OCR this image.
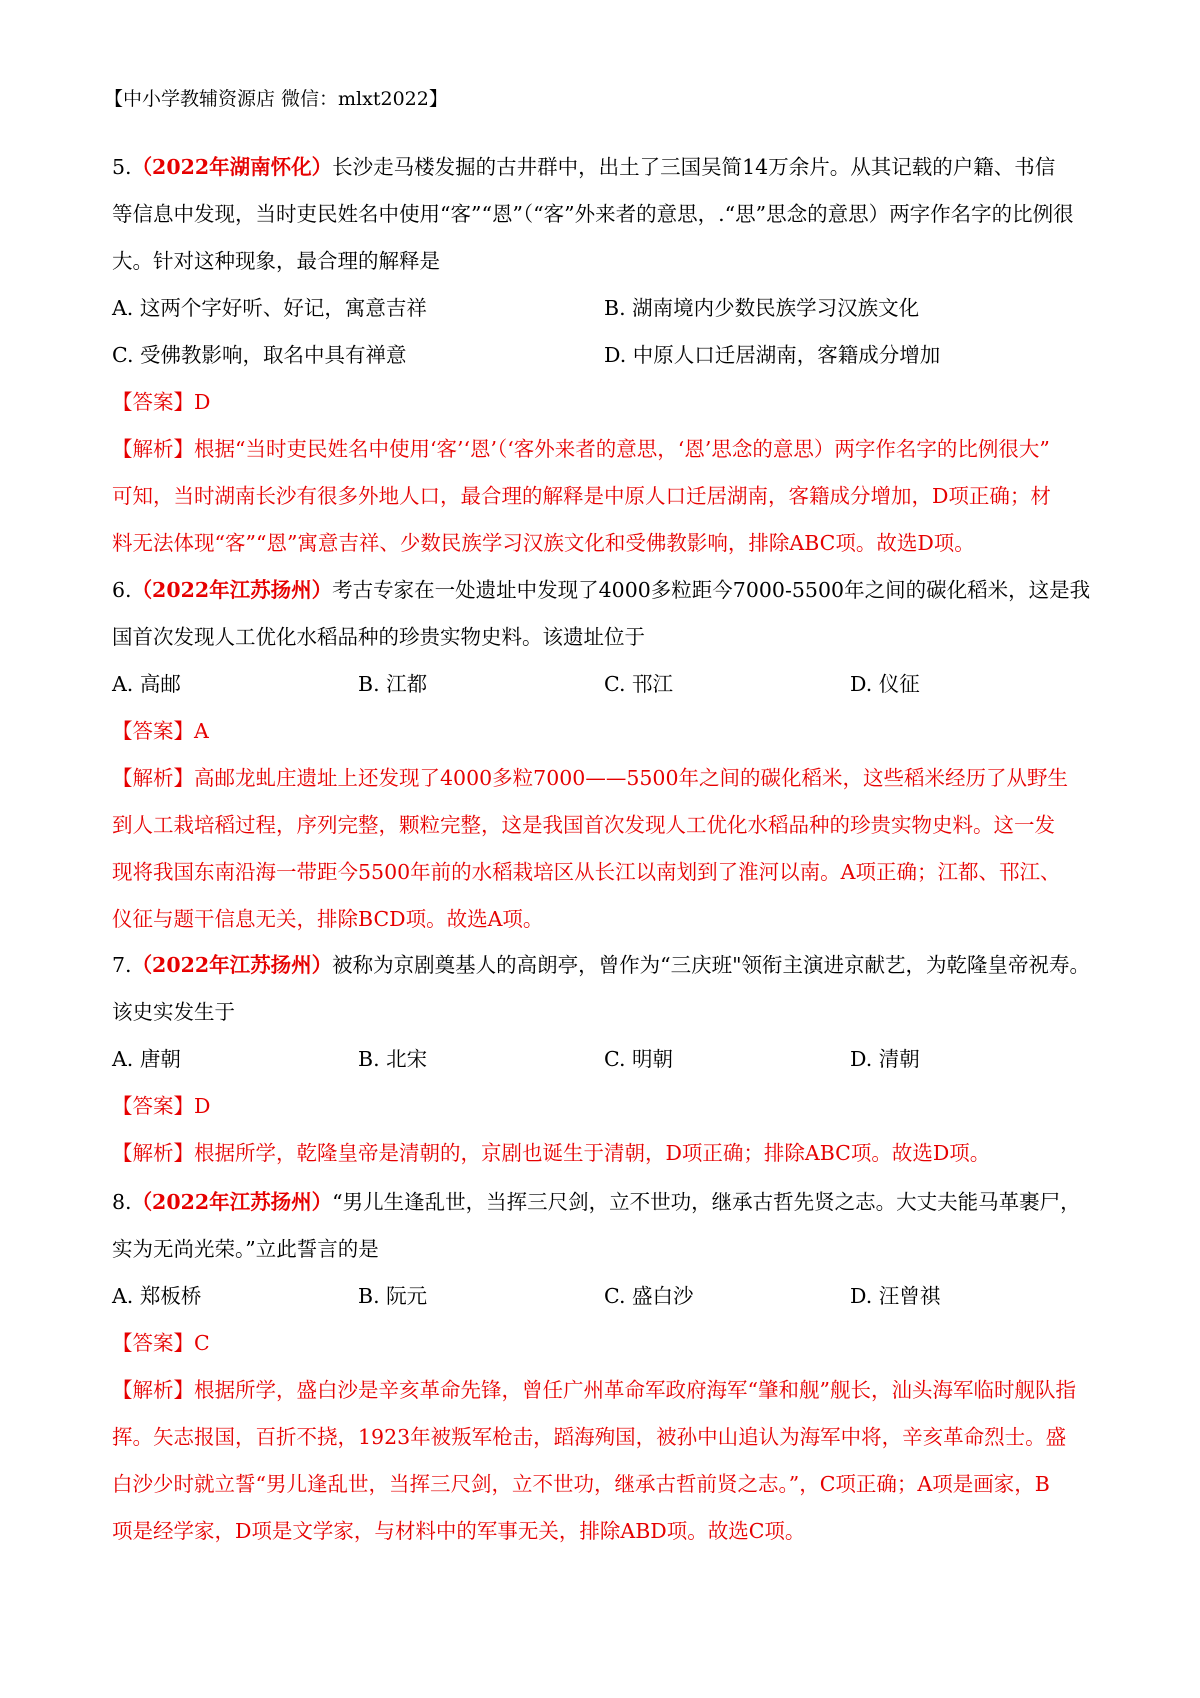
【中小学教辅资源店 微信：mlxt2022】
5.（2022年湖南怀化）长沙走马楼发掘的古井群中，出土了三国吴简14万余片。从其记载的户籍、书信
等信息中发现，当时吏民姓名中使用“客”“恩”（“客”外来者的意思，.“思”思念的意思）两字作名字的比例很
大。针对这种现象，最合理的解释是
A. 这两个字好听、好记，寓意吉祥	B. 湖南境内少数民族学习汉族文化
C. 受佛教影响，取名中具有禅意	D. 中原人口迁居湖南，客籍成分增加
【答案】D
【解析】根据“当时吏民姓名中使用‘客’‘恩’（‘客外来者的意思，‘恩’思念的意思）两字作名字的比例很大”
可知，当时湖南长沙有很多外地人口，最合理的解释是中原人口迁居湖南，客籍成分增加，D项正确；材
料无法体现“客”“恩”寓意吉祥、少数民族学习汉族文化和受佛教影响，排除ABC项。故选D项。
6.（2022年江苏扬州）考古专家在一处遗址中发现了4000多粒距今7000-5500年之间的碳化稻米，这是我
国首次发现人工优化水稻品种的珍贵实物史料。该遗址位于
A. 高邮	B. 江都	C. 邗江	D. 仪征
【答案】A
【解析】高邮龙虬庄遗址上还发现了4000多粒7000——5500年之间的碳化稻米，这些稻米经历了从野生
到人工栽培稻过程，序列完整，颗粒完整，这是我国首次发现人工优化水稻品种的珍贵实物史料。这一发
现将我国东南沿海一带距今5500年前的水稻栽培区从长江以南划到了淮河以南。A项正确；江都、邗江、
仪征与题干信息无关，排除BCD项。故选A项。
7.（2022年江苏扬州）被称为京剧奠基人的高朗亭，曾作为“三庆班"领衔主演进京献艺，为乾隆皇帝祝寿。
该史实发生于
A. 唐朝	B. 北宋	C. 明朝	D. 清朝
【答案】D
【解析】根据所学，乾隆皇帝是清朝的，京剧也诞生于清朝，D项正确；排除ABC项。故选D项。
8.（2022年江苏扬州）“男儿生逢乱世，当挥三尺剑，立不世功，继承古哲先贤之志。大丈夫能马革裹尸，
实为无尚光荣。”立此誓言的是
A. 郑板桥	B. 阮元	C. 盛白沙	D. 汪曾祺
【答案】C
【解析】根据所学，盛白沙是辛亥革命先锋，曾任广州革命军政府海军“肇和舰”舰长，汕头海军临时舰队指
挥。矢志报国，百折不挠，1923年被叛军枪击，蹈海殉国，被孙中山追认为海军中将，辛亥革命烈士。盛
白沙少时就立誓“男儿逢乱世，当挥三尺剑，立不世功，继承古哲前贤之志。”，C项正确；A项是画家，B
项是经学家，D项是文学家，与材料中的军事无关，排除ABD项。故选C项。
